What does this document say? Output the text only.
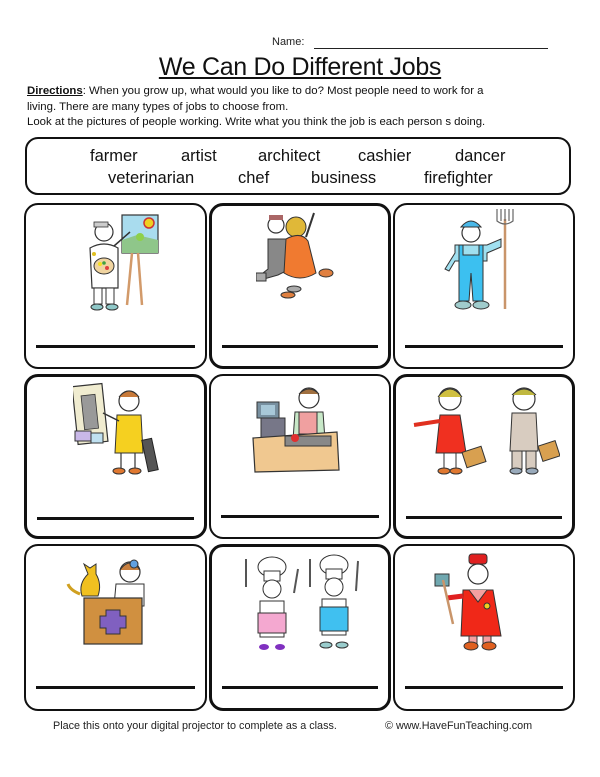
Name:
We Can Do Different Jobs
Directions: When you grow up, what would you like to do? Most people need to work for a
living. There are many types of jobs to choose from.
Look at the pictures of people working. Write what you think the job is each person s doing.
farmer	artist architect cashier	dancer
veterinarian	chef	business	firefighter
Place this onto your digital projector to complete as a class.	© www.HaveFunTeaching.com
